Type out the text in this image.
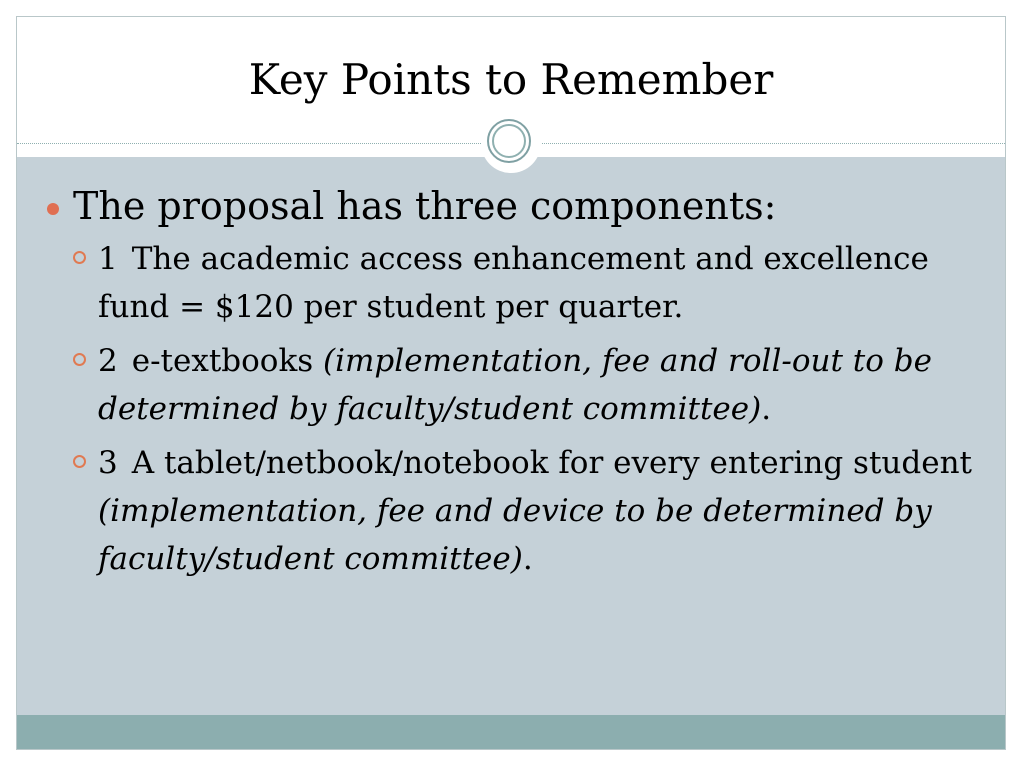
Key Points to Remember
The proposal has three components:
1 The academic access enhancement and excellence fund = $120 per student per quarter.
2 e-textbooks (implementation, fee and roll-out to be determined by faculty/student committee).
3 A tablet/netbook/notebook for every entering student (implementation, fee and device to be determined by faculty/student committee).
